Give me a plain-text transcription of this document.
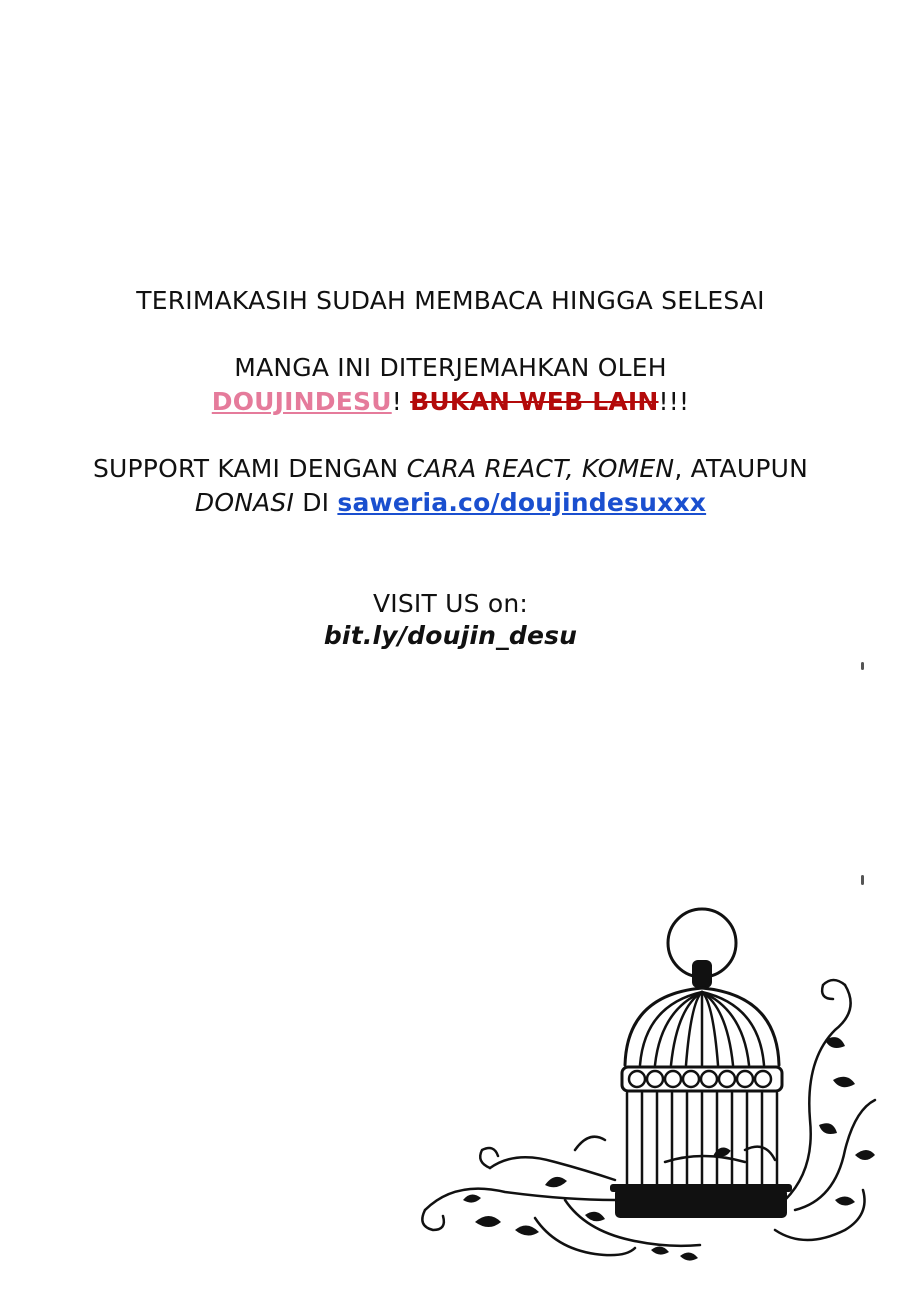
TERIMAKASIH SUDAH MEMBACA HINGGA SELESAI
MANGA INI DITERJEMAHKAN OLEH
DOUJINDESU! BUKAN WEB LAIN!!!
SUPPORT KAMI DENGAN CARA REACT, KOMEN, ATAUPUN
DONASI DI saweria.co/doujindesuxxx
VISIT US on:
bit.ly/doujin_desu
